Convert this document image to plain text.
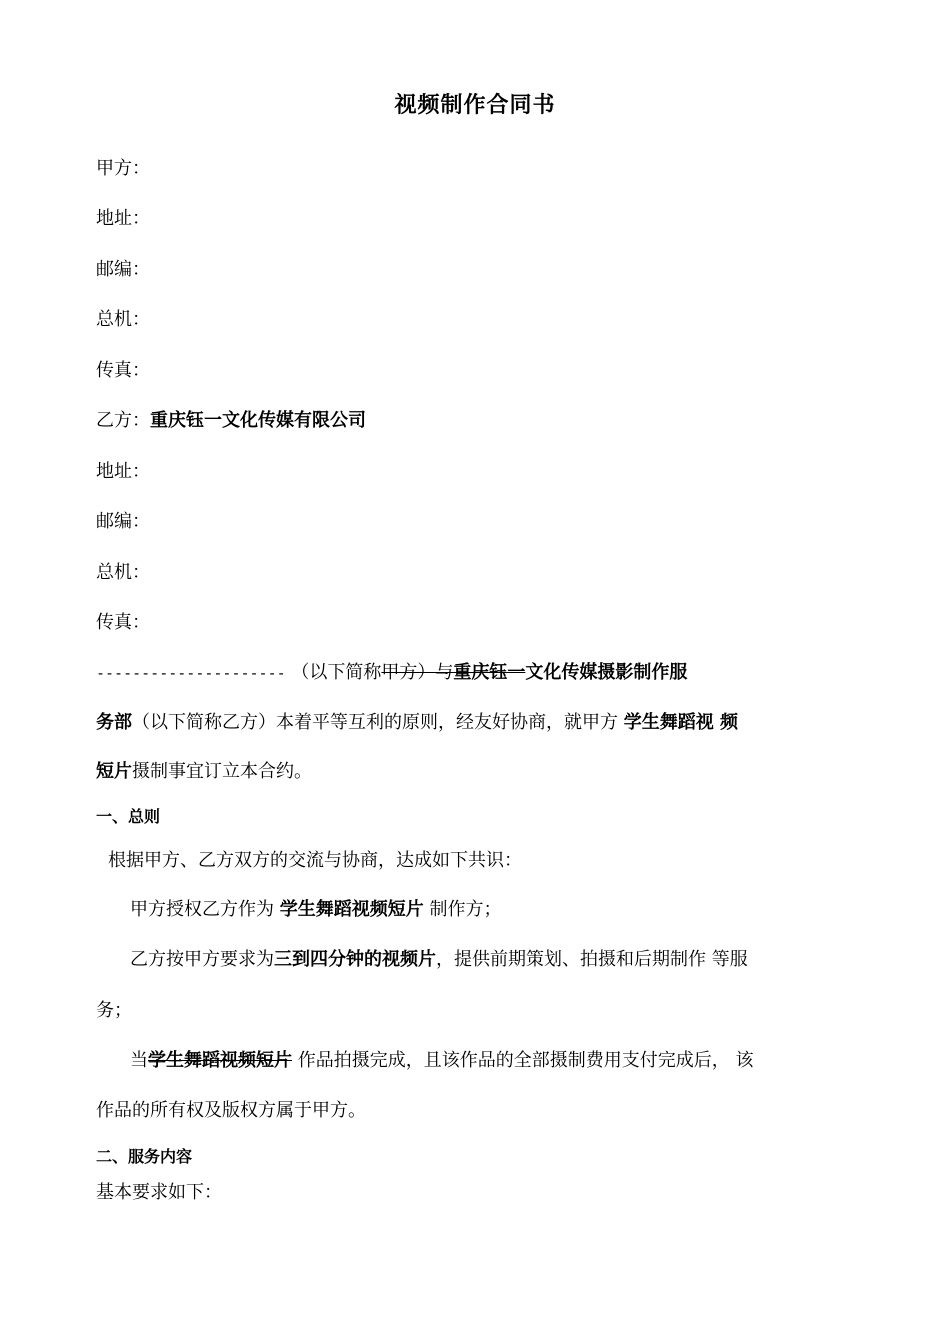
视频制作合同书
甲方：
地址：
邮编：
总机：
传真：
乙方：重庆钰一文化传媒有限公司
地址：
邮编：
总机：
传真：
--------------------- （以下简称甲方）与重庆钰一文化传媒摄影制作服
务部（以下简称乙方）本着平等互利的原则，经友好协商，就甲方 学生舞蹈视 频
短片摄制事宜订立本合约。
一、总则
根据甲方、乙方双方的交流与协商，达成如下共识：
甲方授权乙方作为 学生舞蹈视频短片 制作方；
乙方按甲方要求为三到四分钟的视频片，提供前期策划、拍摄和后期制作 等服
务；
当学生舞蹈视频短片 作品拍摄完成，且该作品的全部摄制费用支付完成后， 该
作品的所有权及版权方属于甲方。
二、服务内容
基本要求如下：
